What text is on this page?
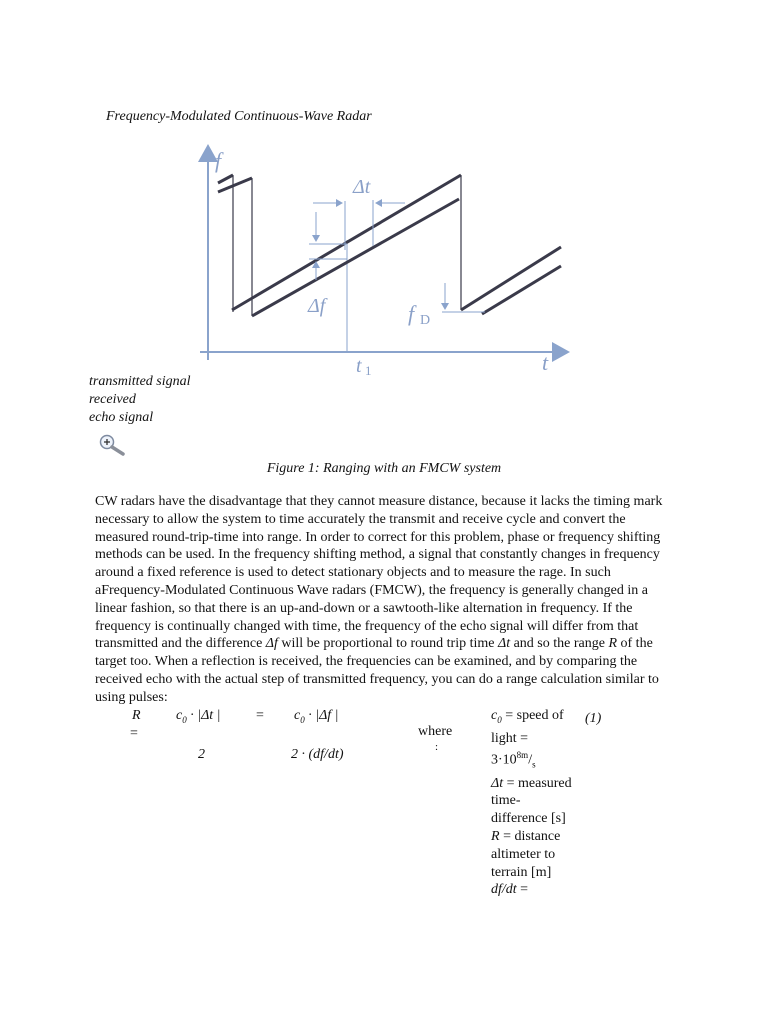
Frequency-Modulated Continuous-Wave Radar
f
t
Δt
Δf	f D
t 1
transmitted signal
received
echo signal
Figure 1: Ranging with an FMCW system
CW radars have the disadvantage that they cannot measure distance, because it lacks the timing mark necessary to allow the system to time accurately the transmit and receive cycle and convert the measured round-trip-time into range. In order to correct for this problem, phase or frequency shifting methods can be used. In the frequency shifting method, a signal that constantly changes in frequency around a fixed reference is used to detect stationary objects and to measure the rage. In such aFrequency-Modulated Continuous Wave radars (FMCW), the frequency is generally changed in a linear fashion, so that there is an up-and-down or a sawtooth-like alternation in frequency. If the frequency is continually changed with time, the frequency of the echo signal will differ from that transmitted and the difference Δf will be proportional to round trip time Δt and so the range R of the target too. When a reflection is received, the frequencies can be examined, and by comparing the received echo with the actual step of transmitted frequency, you can do a range calculation similar to using pulses:
R
=
$c_0 \cdot |\Delta t$ |	= $c_0 \cdot |\Delta f$ |
2	2 · (df/dt)
where
:
(1)
$c_0$ = speed of light =
$3\cdot 10^{8m}/_s$
Δt = measured time-difference [s]
R = distance altimeter to terrain [m]
df/dt =
